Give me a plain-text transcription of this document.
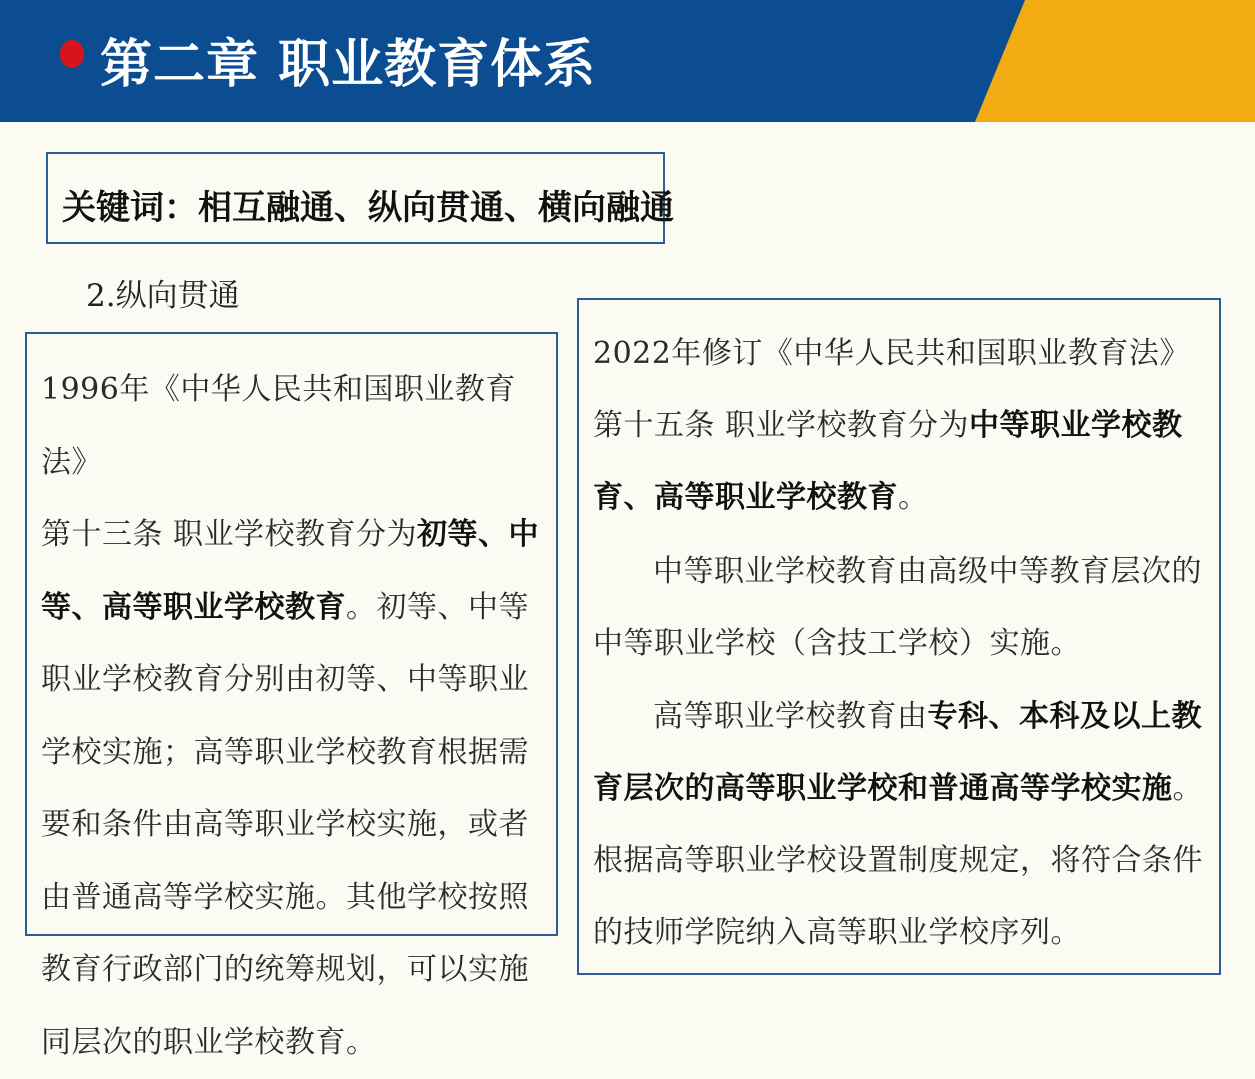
第二章 职业教育体系
关键词：相互融通、纵向贯通、横向融通
2.纵向贯通

1996年《中华人民共和国职业教育法》
第十三条 职业学校教育分为初等、中等、高等职业学校教育。初等、中等职业学校教育分别由初等、中等职业学校实施；高等职业学校教育根据需要和条件由高等职业学校实施，或者由普通高等学校实施。其他学校按照教育行政部门的统筹规划，可以实施同层次的职业学校教育。

2022年修订《中华人民共和国职业教育法》
第十五条 职业学校教育分为中等职业学校教育、高等职业学校教育。

中等职业学校教育由高级中等教育层次的中等职业学校（含技工学校）实施。

高等职业学校教育由专科、本科及以上教育层次的高等职业学校和普通高等学校实施。根据高等职业学校设置制度规定，将符合条件的技师学院纳入高等职业学校序列。
